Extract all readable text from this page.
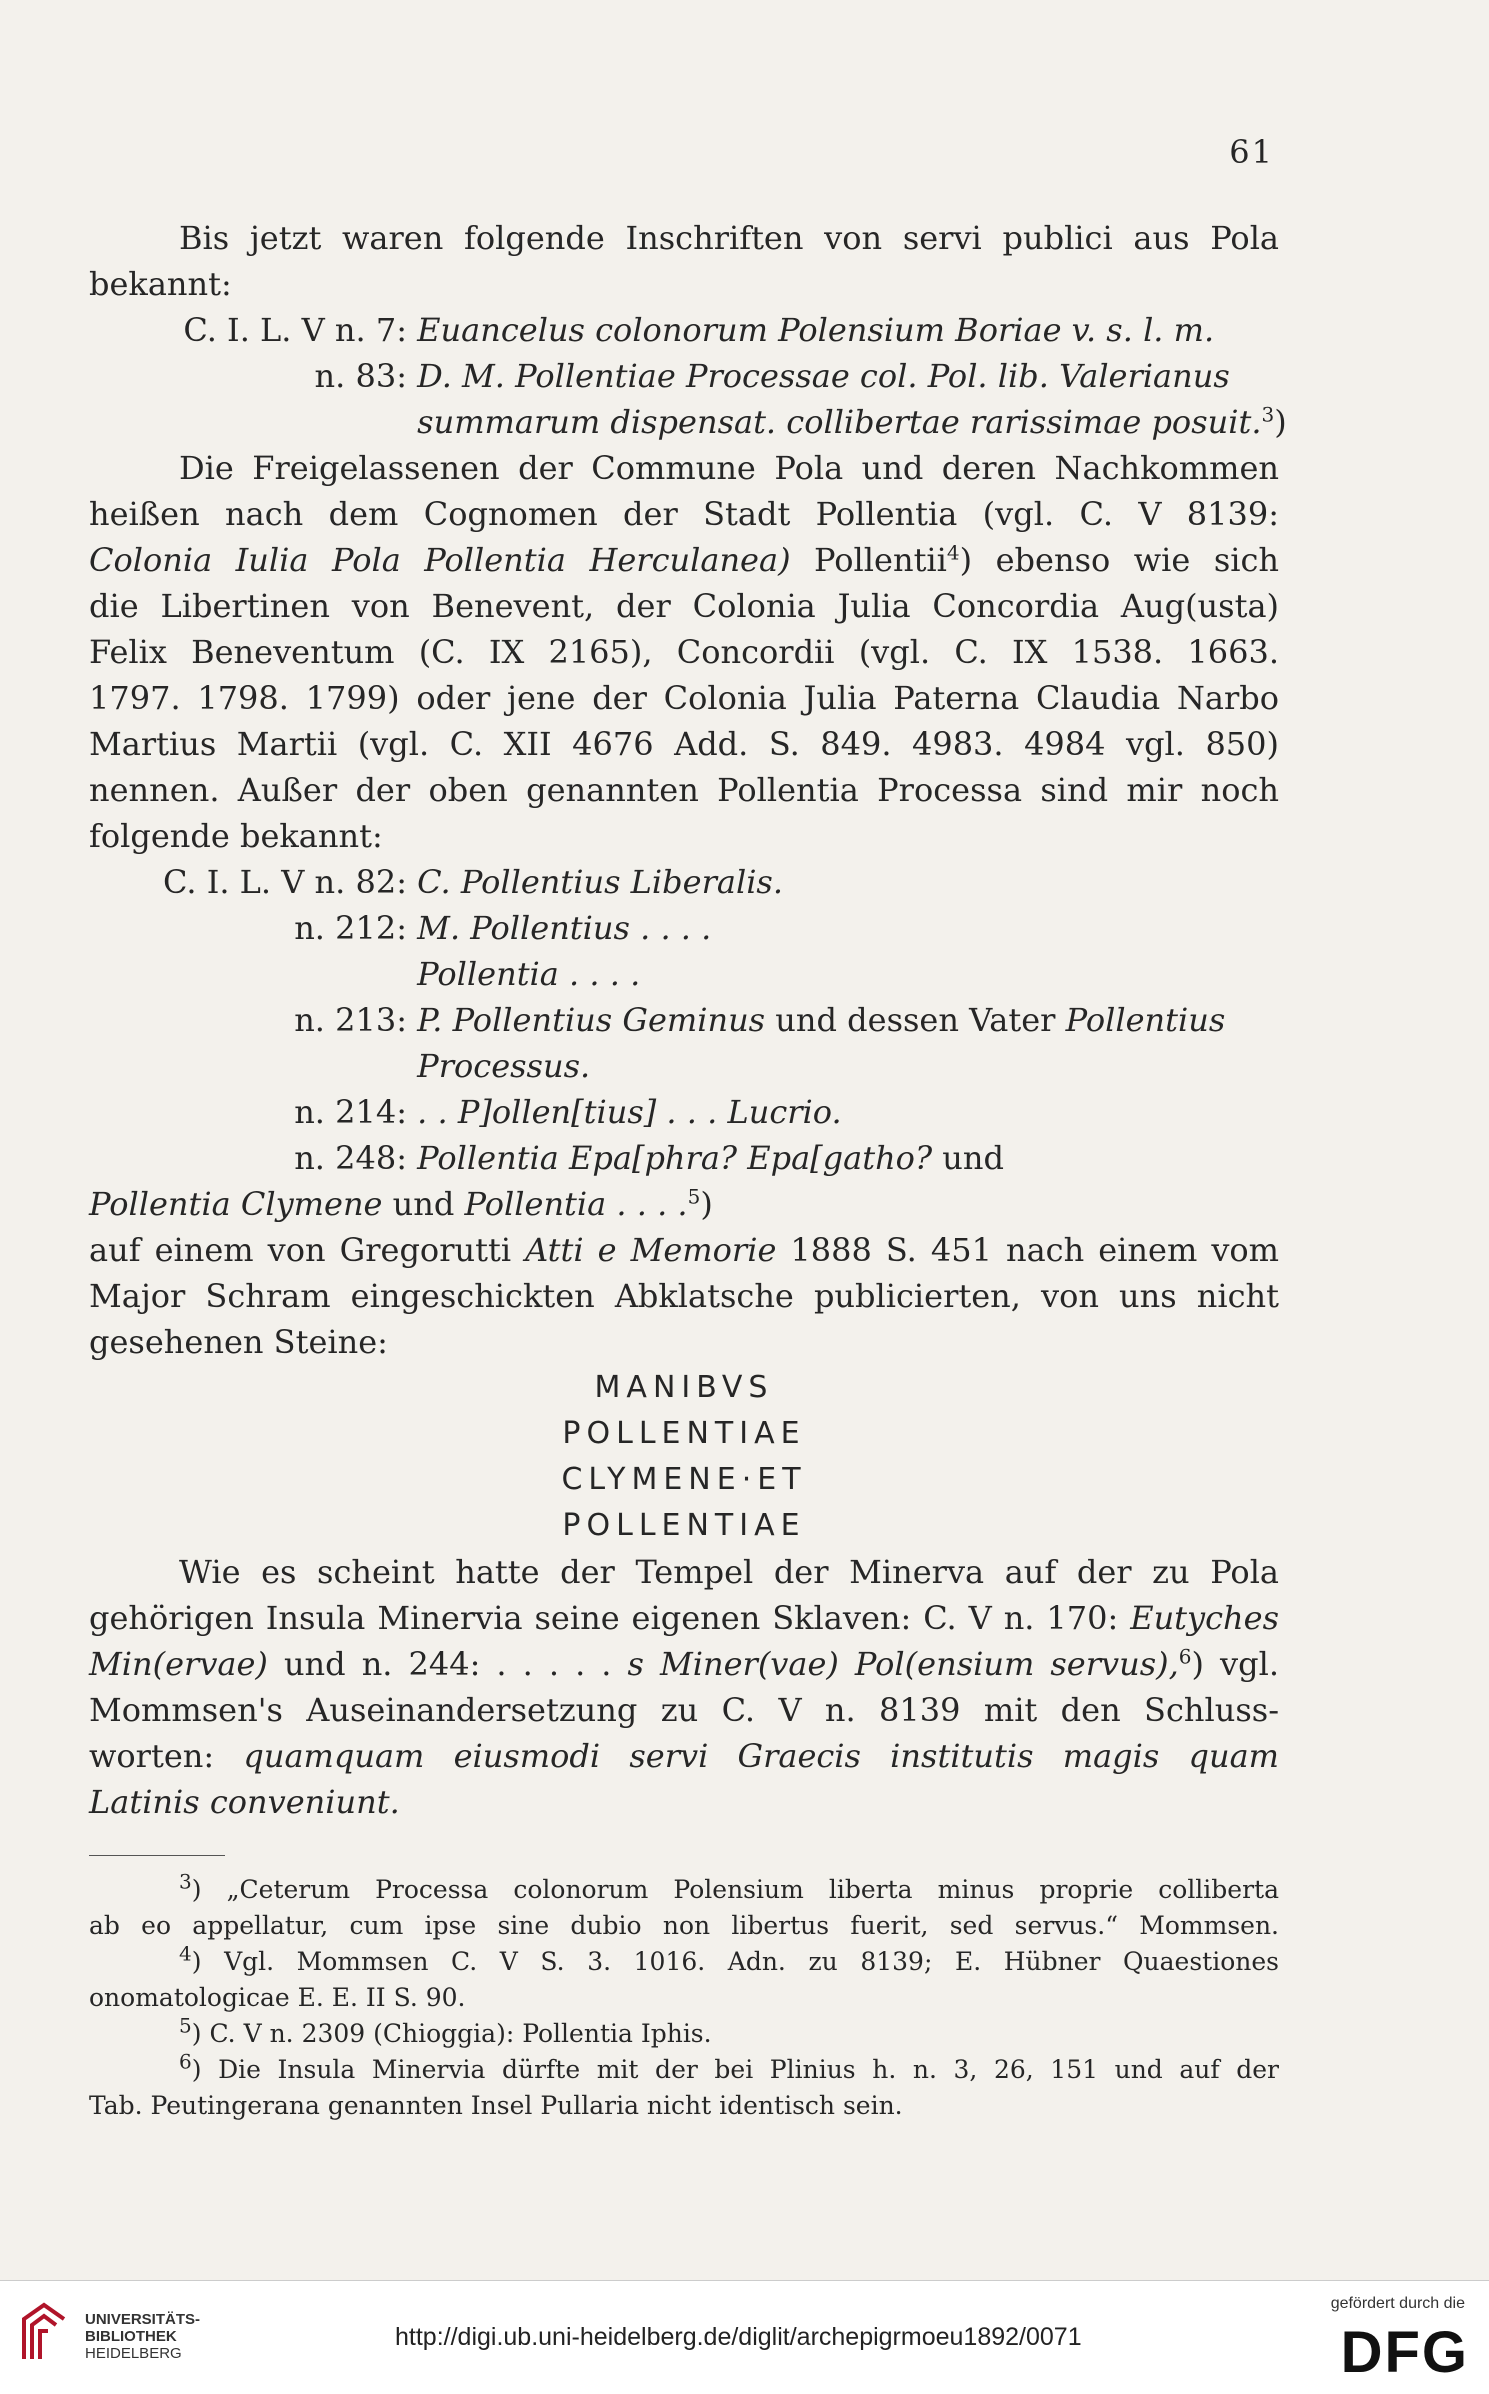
61
Bis jetzt waren folgende Inschriften von servi publici aus Pola
bekannt:
C. I. L. V n. 7: Euancelus colonorum Polensium Boriae v. s. l. m.
n. 83: D. M. Pollentiae Processae col. Pol. lib. Valerianus
summarum dispensat. collibertae rarissimae posuit.$^3$)
Die Freigelassenen der Commune Pola und deren Nachkommen
heißen nach dem Cognomen der Stadt Pollentia (vgl. C. V 8139:
Colonia Iulia Pola Pollentia Herculanea) Pollentii$^4$) ebenso wie sich
die Libertinen von Benevent, der Colonia Julia Concordia Aug(usta)
Felix Beneventum (C. IX 2165), Concordii (vgl. C. IX 1538. 1663.
1797. 1798. 1799) oder jene der Colonia Julia Paterna Claudia Narbo
Martius Martii (vgl. C. XII 4676 Add. S. 849. 4983. 4984 vgl. 850)
nennen. Außer der oben genannten Pollentia Processa sind mir noch
folgende bekannt:
C. I. L. V n. 82: C. Pollentius Liberalis.
n. 212: M. Pollentius . . . .
Pollentia . . . .
n. 213: P. Pollentius Geminus und dessen Vater Pollentius
Processus.
n. 214: . . P]ollen[tius] . . . Lucrio.
n. 248: Pollentia Epa[phra? Epa[gatho? und
Pollentia Clymene und Pollentia . . . .$^5$)
auf einem von Gregorutti Atti e Memorie 1888 S. 451 nach einem vom
Major Schram eingeschickten Abklatsche publicierten, von uns nicht
gesehenen Steine:
MANIBVS
POLLENTIAE
CLYMENE·ET
POLLENTIAE
Wie es scheint hatte der Tempel der Minerva auf der zu Pola
gehörigen Insula Minervia seine eigenen Sklaven: C. V n. 170: Eutyches
Min(ervae) und n. 244: . . . . . s Miner(vae) Pol(ensium servus),$^6$) vgl.
Mommsen's Auseinandersetzung zu C. V n. 8139 mit den Schluss-
worten: quamquam eiusmodi servi Graecis institutis magis quam
Latinis conveniunt.
$^3$) „Ceterum Processa colonorum Polensium liberta minus proprie colliberta
ab eo appellatur, cum ipse sine dubio non libertus fuerit, sed servus.“ Mommsen.
$^4$) Vgl. Mommsen C. V S. 3. 1016. Adn. zu 8139; E. Hübner Quaestiones
onomatologicae E. E. II S. 90.
$^5$) C. V n. 2309 (Chioggia): Pollentia Iphis.
$^6$) Die Insula Minervia dürfte mit der bei Plinius h. n. 3, 26, 151 und auf der
Tab. Peutingerana genannten Insel Pullaria nicht identisch sein.
UNIVERSITÄTS-
BIBLIOTHEK
HEIDELBERG
http://digi.ub.uni-heidelberg.de/diglit/archepigrmoeu1892/0071
gefördert durch die
DFG
